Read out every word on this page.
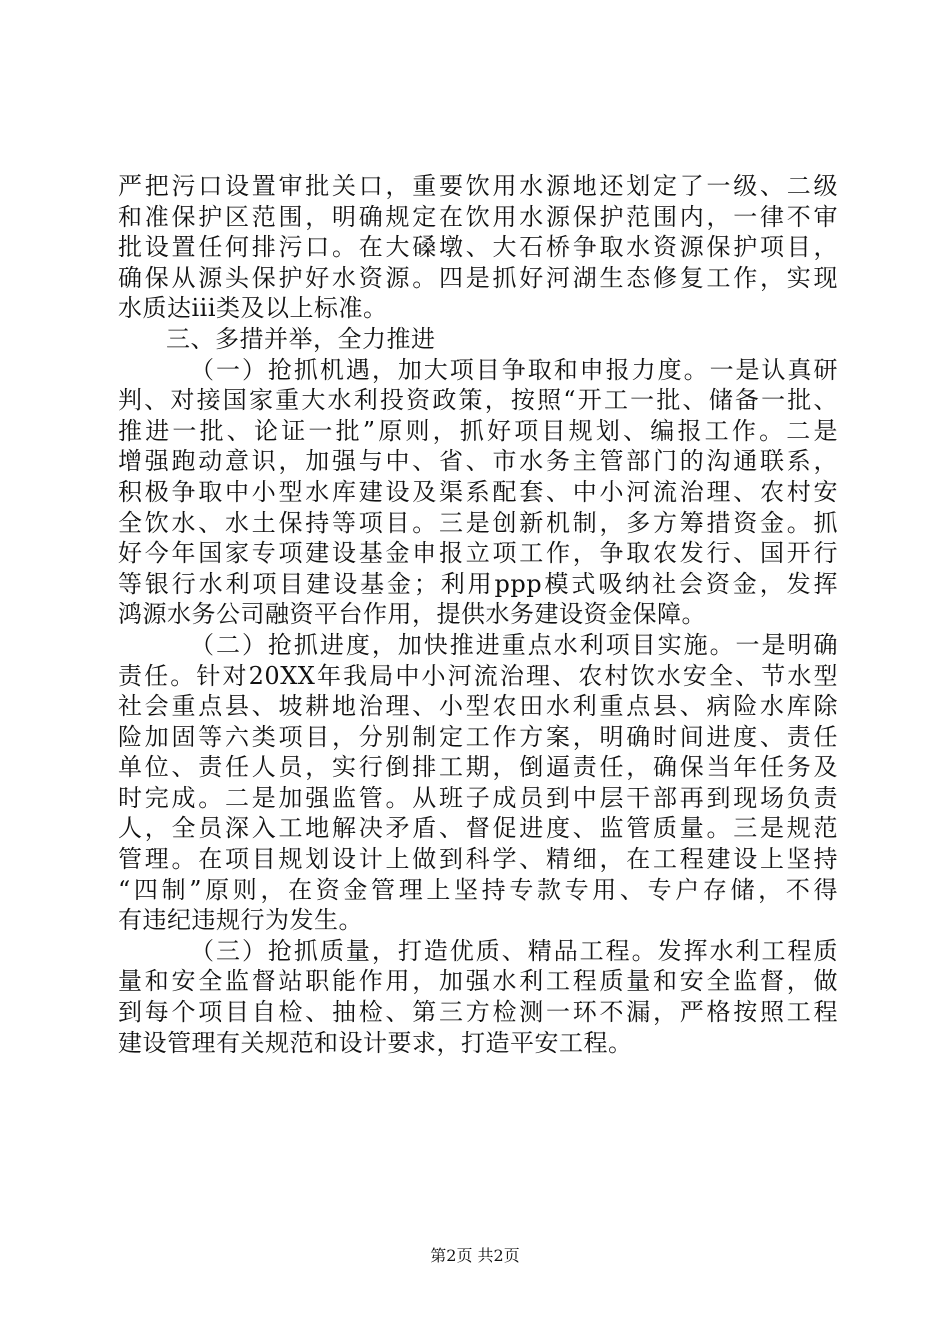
严把污口设置审批关口，重要饮用水源地还划定了一级、二级
和准保护区范围，明确规定在饮用水源保护范围内，一律不审
批设置任何排污口。在大磉墩、大石桥争取水资源保护项目，
确保从源头保护好水资源。四是抓好河湖生态修复工作，实现
水质达iii类及以上标准。
三、多措并举，全力推进
（一）抢抓机遇，加大项目争取和申报力度。一是认真研
判、对接国家重大水利投资政策，按照“开工一批、储备一批、
推进一批、论证一批”原则，抓好项目规划、编报工作。二是
增强跑动意识，加强与中、省、市水务主管部门的沟通联系，
积极争取中小型水库建设及渠系配套、中小河流治理、农村安
全饮水、水土保持等项目。三是创新机制，多方筹措资金。抓
好今年国家专项建设基金申报立项工作，争取农发行、国开行
等银行水利项目建设基金；利用ppp模式吸纳社会资金，发挥
鸿源水务公司融资平台作用，提供水务建设资金保障。
（二）抢抓进度，加快推进重点水利项目实施。一是明确
责任。针对20XX年我局中小河流治理、农村饮水安全、节水型
社会重点县、坡耕地治理、小型农田水利重点县、病险水库除
险加固等六类项目，分别制定工作方案，明确时间进度、责任
单位、责任人员，实行倒排工期，倒逼责任，确保当年任务及
时完成。二是加强监管。从班子成员到中层干部再到现场负责
人，全员深入工地解决矛盾、督促进度、监管质量。三是规范
管理。在项目规划设计上做到科学、精细，在工程建设上坚持
“四制”原则，在资金管理上坚持专款专用、专户存储，不得
有违纪违规行为发生。
（三）抢抓质量，打造优质、精品工程。发挥水利工程质
量和安全监督站职能作用，加强水利工程质量和安全监督，做
到每个项目自检、抽检、第三方检测一环不漏，严格按照工程
建设管理有关规范和设计要求，打造平安工程。
第2页 共2页
